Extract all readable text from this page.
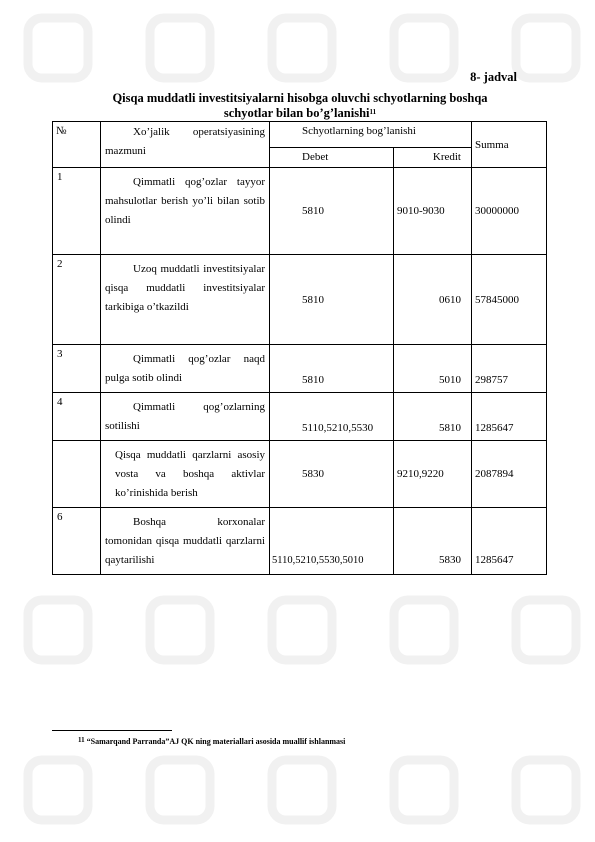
8- jadval
Qisqa muddatli investitsiyalarni hisobga oluvchi schyotlarning boshqa
schyotlar bilan bo’g’lanishi$^{11}$
№	Xo’jalik operatsiyasining mazmuni	Schyotlarning bog’lanishi		Summa
		Debet	Kredit	
1	Qimmatli qog’ozlar tayyor mahsulotlar berish yo’li bilan sotib olindi	5810	9010-9030	30000000
2	Uzoq muddatli investitsiyalar qisqa muddatli investitsiyalar tarkibiga o’tkazildi	5810	0610	57845000
3	Qimmatli qog’ozlar naqd pulga sotib olindi	5810	5010	298757
4	Qimmatli qog’ozlarning sotilishi	5110,5210,5530	5810	1285647
	Qisqa muddatli qarzlarni asosiy vosta va boshqa aktivlar ko’rinishida berish	5830	9210,9220	2087894
6	Boshqa korxonalar tomonidan qisqa muddatli qarzlarni qaytarilishi	5110,5210,5530,5010	5830	1285647
$^{11}$ “Samarqand Parranda”AJ QK ning materiallari asosida muallif ishlanmasi
